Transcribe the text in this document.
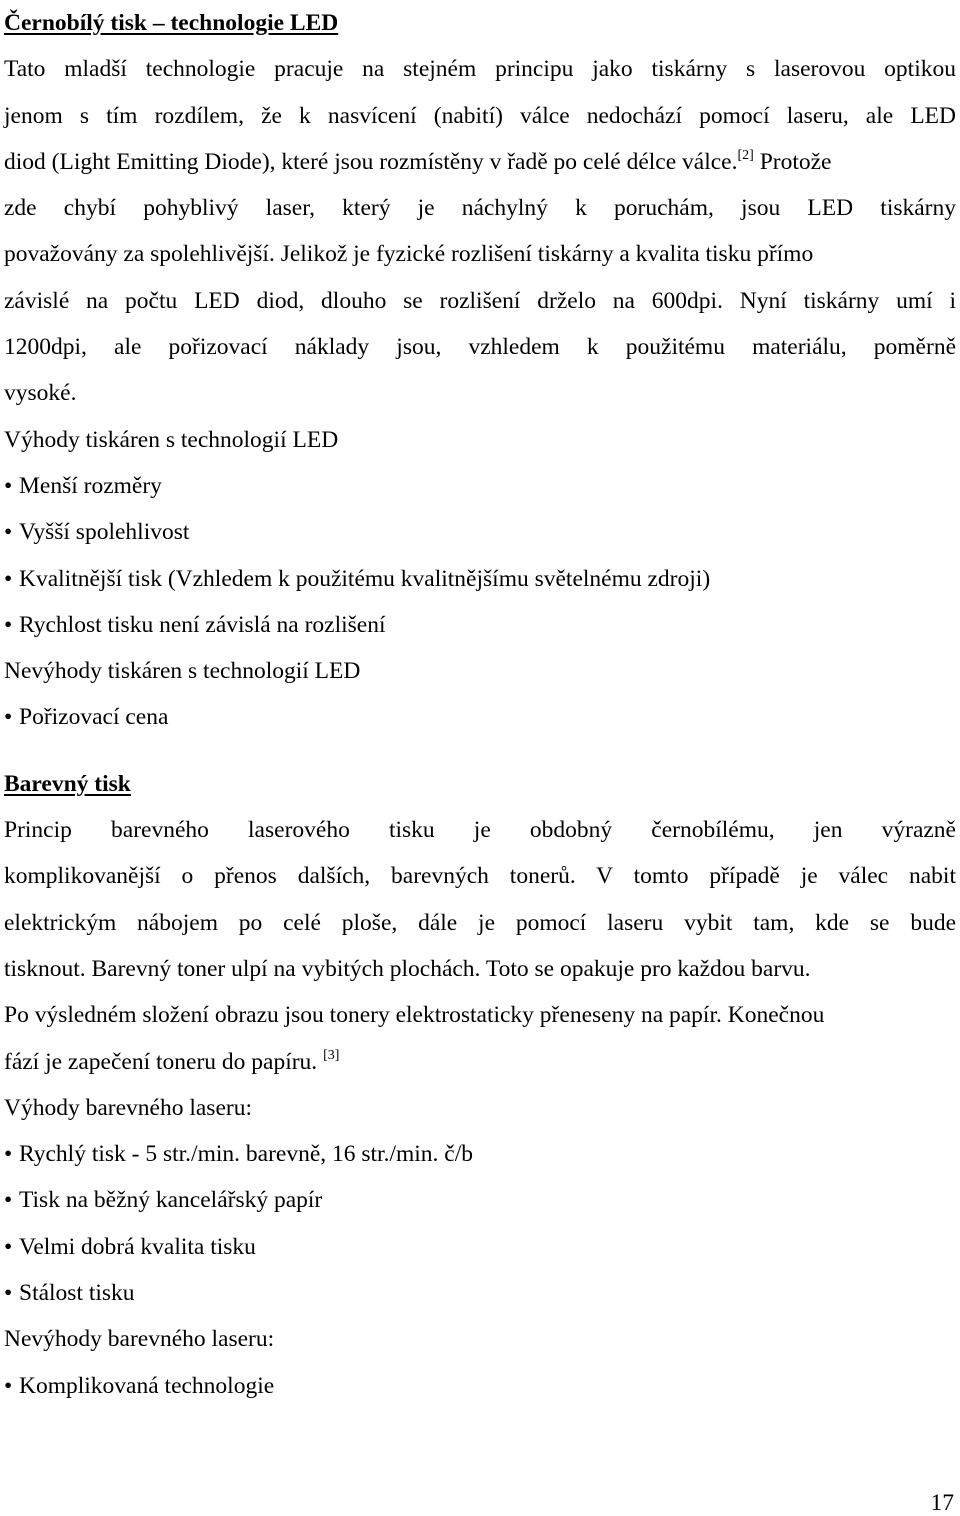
Černobílý tisk – technologie LED
Tato mladší technologie pracuje na stejném principu jako tiskárny s laserovou optikou
jenom s tím rozdílem, že k nasvícení (nabití) válce nedochází pomocí laseru, ale LED
diod (Light Emitting Diode), které jsou rozmístěny v řadě po celé délce válce.[2] Protože
zde chybí pohyblivý laser, který je náchylný k poruchám, jsou LED tiskárny
považovány za spolehlivější. Jelikož je fyzické rozlišení tiskárny a kvalita tisku přímo
závislé na počtu LED diod, dlouho se rozlišení drželo na 600dpi. Nyní tiskárny umí i
1200dpi, ale pořizovací náklady jsou, vzhledem k použitému materiálu, poměrně
vysoké.
Výhody tiskáren s technologií LED
• Menší rozměry
• Vyšší spolehlivost
• Kvalitnější tisk (Vzhledem k použitému kvalitnějšímu světelnému zdroji)
• Rychlost tisku není závislá na rozlišení
Nevýhody tiskáren s technologií LED
• Pořizovací cena
Barevný tisk
Princip barevného laserového tisku je obdobný černobílému, jen výrazně
komplikovanější o přenos dalších, barevných tonerů. V tomto případě je válec nabit
elektrickým nábojem po celé ploše, dále je pomocí laseru vybit tam, kde se bude
tisknout. Barevný toner ulpí na vybitých plochách. Toto se opakuje pro každou barvu.
Po výsledném složení obrazu jsou tonery elektrostaticky přeneseny na papír. Konečnou
fází je zapečení toneru do papíru. [3]
Výhody barevného laseru:
• Rychlý tisk - 5 str./min. barevně, 16 str./min. č/b
• Tisk na běžný kancelářský papír
• Velmi dobrá kvalita tisku
• Stálost tisku
Nevýhody barevného laseru:
• Komplikovaná technologie
17
